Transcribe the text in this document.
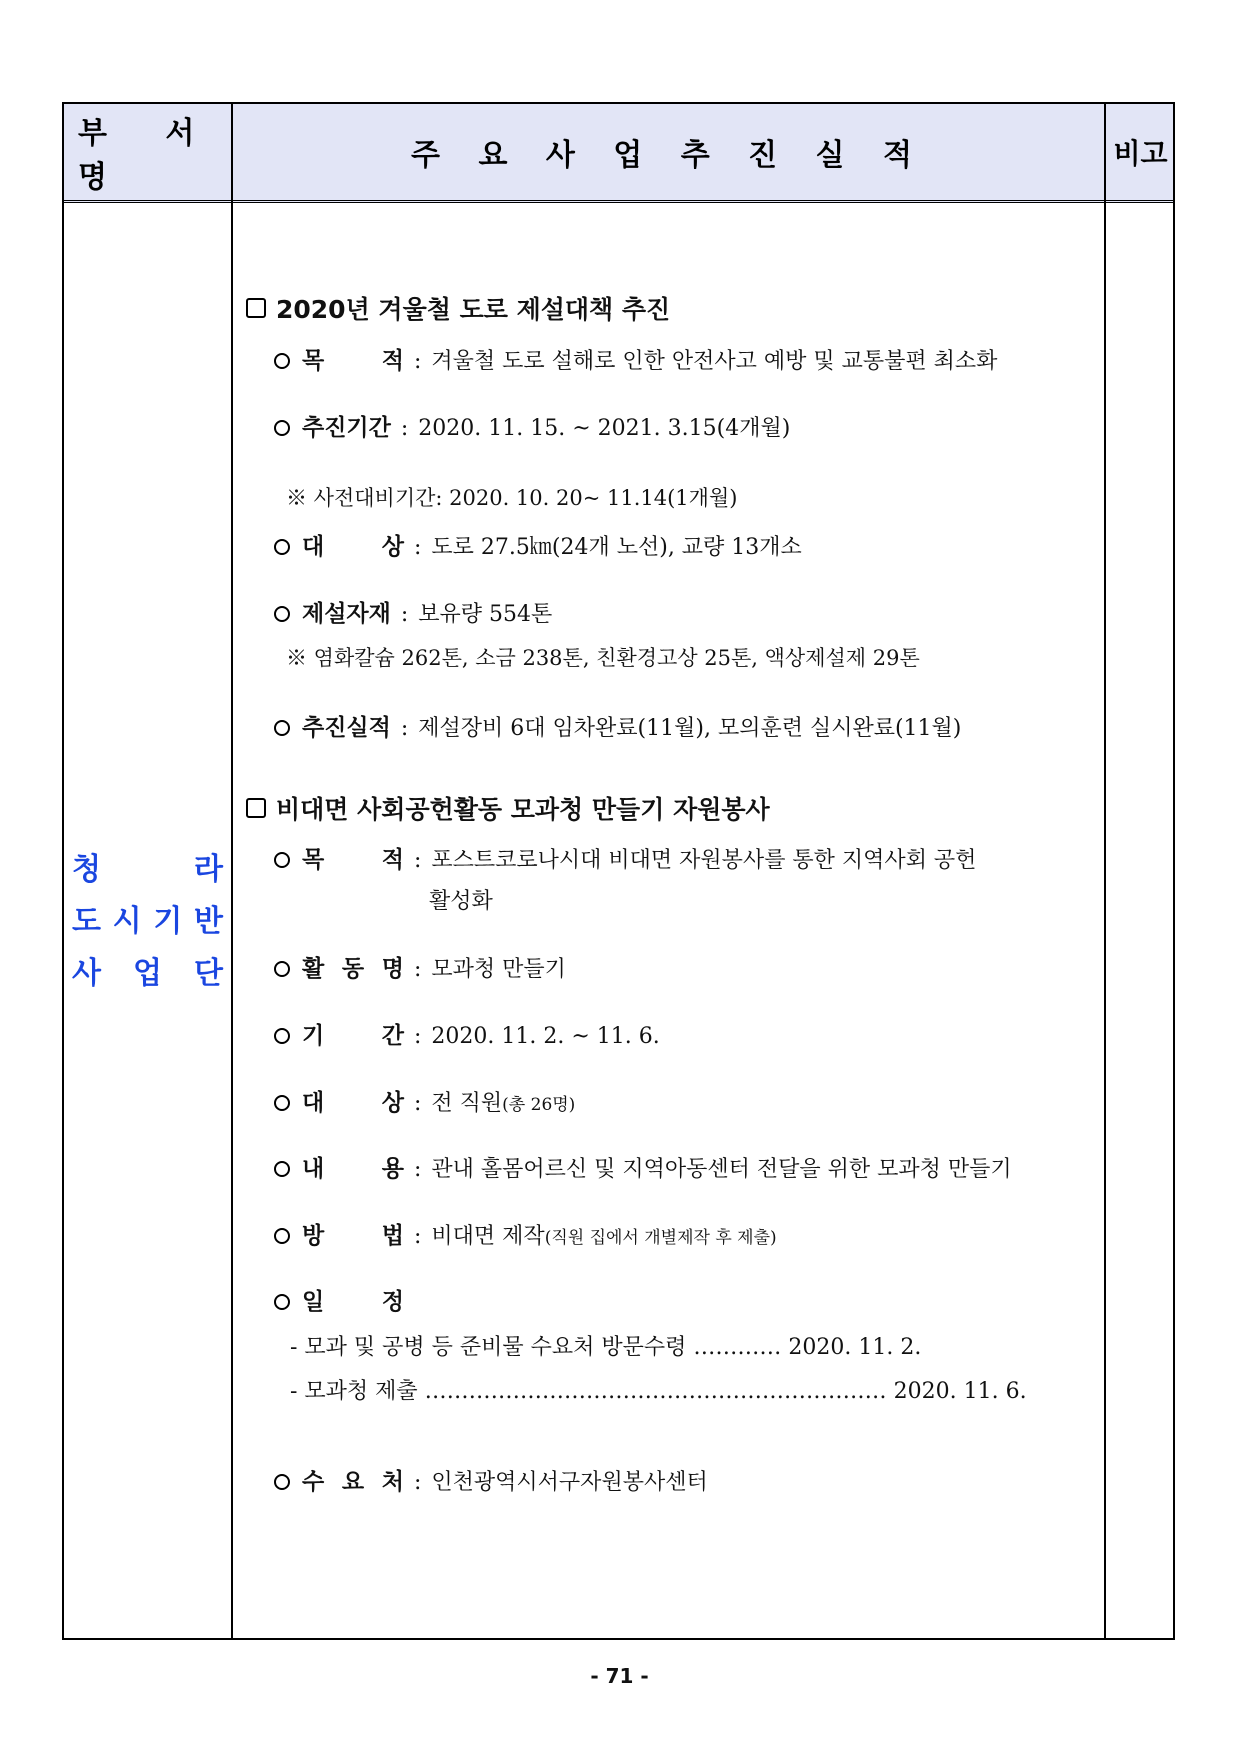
부 서 명
주 요 사 업 추 진 실 적	비고
청	라
도 시 기 반
사 업 단
2020년 겨울철 도로 제설대책 추진
목 적 : 겨울철 도로 설해로 인한 안전사고 예방 및 교통불편 최소화
추진기간 : 2020. 11. 15. ~ 2021. 3.15(4개월)
※ 사전대비기간: 2020. 10. 20~ 11.14(1개월)
대 상 : 도로 27.5㎞(24개 노선), 교량 13개소
제설자재 : 보유량 554톤
※ 염화칼슘 262톤, 소금 238톤, 친환경고상 25톤, 액상제설제 29톤
추진실적 : 제설장비 6대 임차완료(11월), 모의훈련 실시완료(11월)
비대면 사회공헌활동 모과청 만들기 자원봉사
목 적 : 포스트코로나시대 비대면 자원봉사를 통한 지역사회 공헌
활성화
활 동 명 : 모과청 만들기
기 간 : 2020. 11. 2. ~ 11. 6.
대 상 : 전 직원 (총 26명)
내 용 : 관내 홀몸어르신 및 지역아동센터 전달을 위한 모과청 만들기
방 법 : 비대면 제작 (직원 집에서 개별제작 후 제출)
일 정
- 모과 및 공병 등 준비물 수요처 방문수령 ………… 2020. 11. 2.
- 모과청 제출 ……………………………………………………… 2020. 11. 6.
수 요 처 : 인천광역시서구자원봉사센터
- 71 -
